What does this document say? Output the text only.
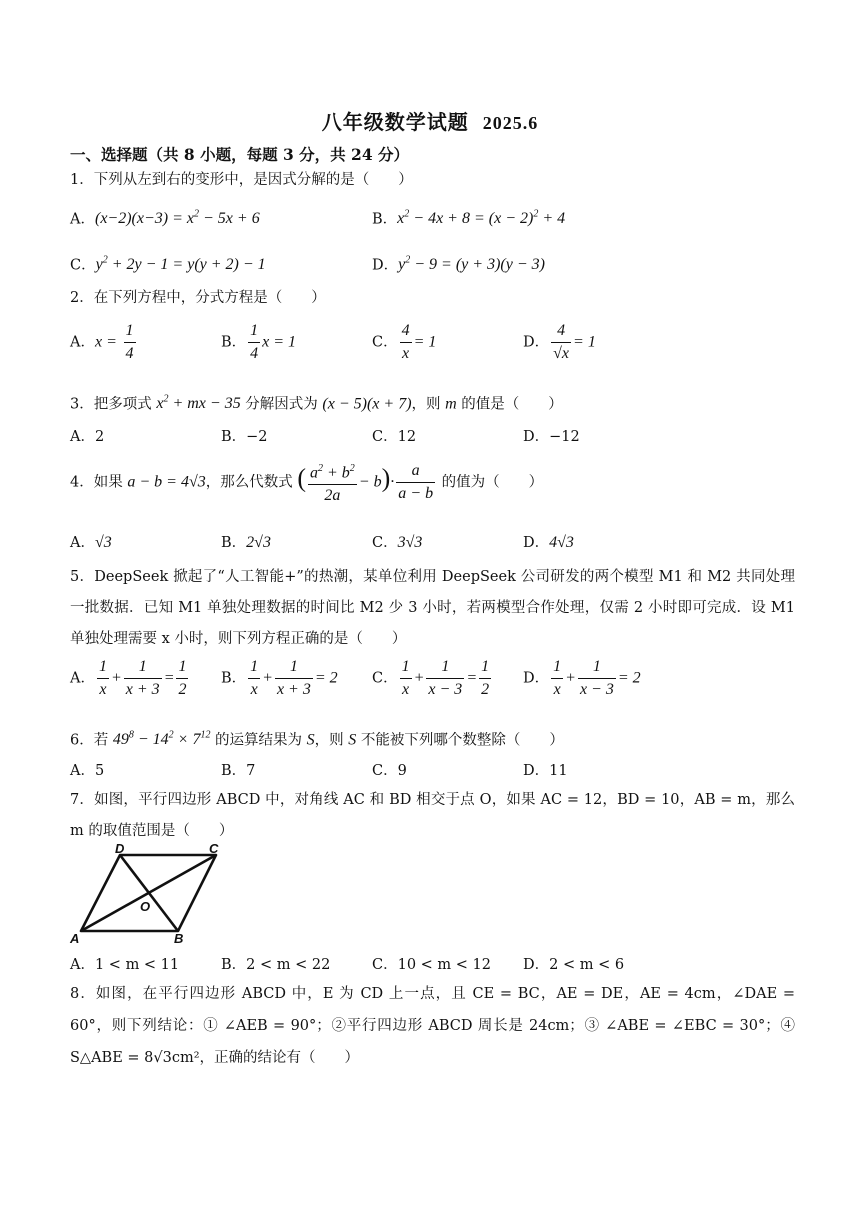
八年级数学试题 2025.6
一、选择题（共 8 小题，每题 3 分，共 24 分）
1．下列从左到右的变形中，是因式分解的是（　　）
A．$(x-2)(x-3) = x^2 - 5x + 6$	B．$x^2 - 4x + 8 = (x - 2)^2 + 4$
C．$y^2 + 2y - 1 = y(y + 2) - 1$	D．$y^2 - 9 = (y + 3)(y - 3)$
2．在下列方程中，分式方程是（　　）
A．$x = \frac{1}{4}$	B． $\frac{1}{4}$ x = 1	C． $\frac{4}{x} = 1$	D． $\frac{4}{√x} = 1$
3．把多项式 $x^2$ + mx − 35 分解因式为 (x − 5)(x + 7)，则 m 的值是（　　）
A．2	B．−2	C．12	D．−12
4．如果 a − b = 4√3，那么代数式 ( $\frac{a^2 + b^2}{2a} - b)\cdot \frac{a}{a - b}$ 的值为（　　）
A．√3	B．2√3	C．3√3	D．4√3
5．DeepSeek 掀起了“人工智能+”的热潮，某单位利用 DeepSeek 公司研发的两个模型 M1 和 M2 共同处理一批数据．已知 M1 单独处理数据的时间比 M2 少 3 小时，若两模型合作处理，仅需 2 小时即可完成．设 M1 单独处理需要 x 小时，则下列方程正确的是（　　）
A． $\frac{1}{x} + \frac{1}{x + 3} = \frac{1}{2}$ B． $\frac{1}{x} + \frac{1}{x + 3} = 2$ C． $\frac{1}{x} + \frac{1}{x - 3} = \frac{1}{2}$ D． $\frac{1}{x} + \frac{1}{x - 3} = 2$
6．若 $49^8 - 14^2 \times 7^{12}$ 的运算结果为 S，则 S 不能被下列哪个数整除（　　）
A．5	B．7	C．9	D．11
7．如图，平行四边形 ABCD 中，对角线 AC 和 BD 相交于点 O，如果 AC = 12，BD = 10，AB = m，那么 m 的取值范围是（　　）
A	B
C
D
O
A．1 < m < 11	B．2 < m < 22	C．10 < m < 12 D．2 < m < 6
8．如图，在平行四边形 ABCD 中，E 为 CD 上一点，且 CE = BC，AE = DE，AE = 4cm，∠DAE = 60°，则下列结论：① ∠AEB = 90°；②平行四边形 ABCD 周长是 24cm；③ ∠ABE = ∠EBC = 30°；④ S△ABE = 8√3cm²，正确的结论有（　　）
